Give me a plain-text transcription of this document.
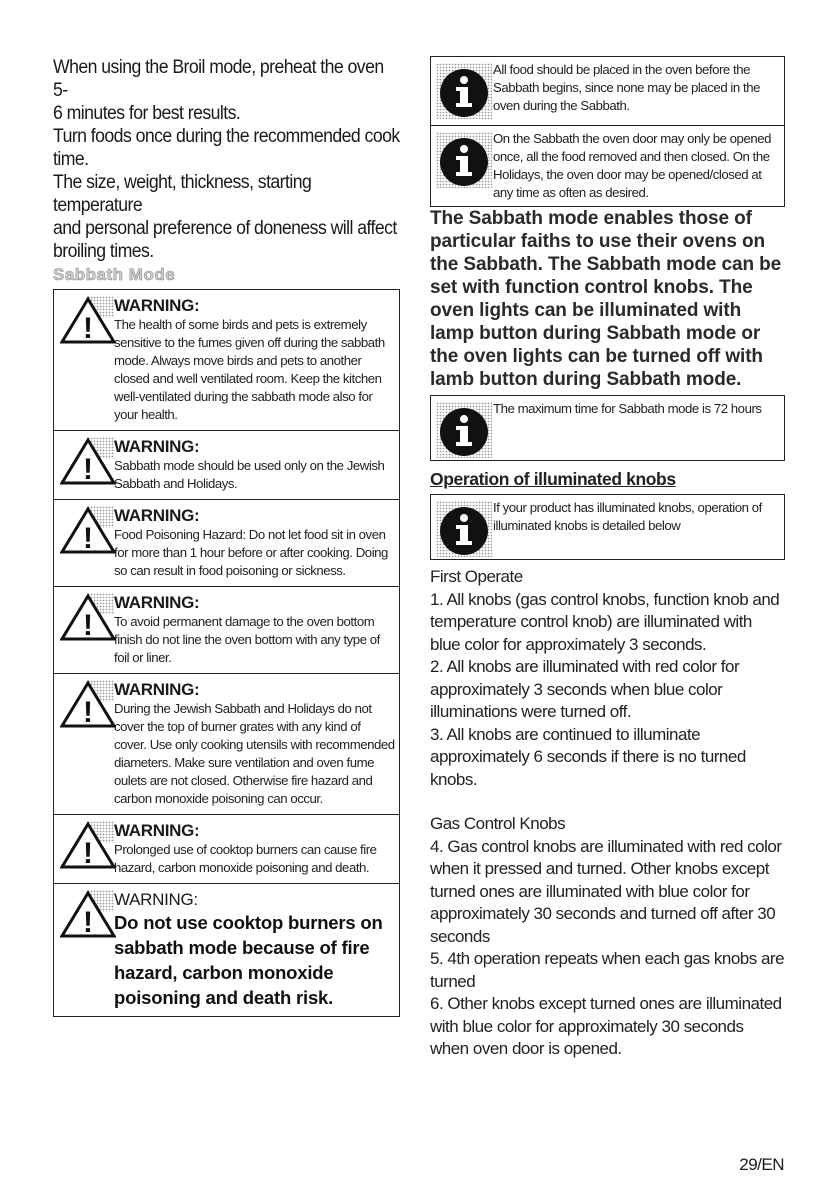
When using the Broil mode, preheat the oven 5-

6 minutes for best results.

Turn foods once during the recommended cook

time.

The size, weight, thickness, starting temperature

and personal preference of doneness will affect

broiling times.

Sabbath Mode
!
WARNING:
The health of some birds and pets is extremely sensitive to the fumes given off during the sabbath mode. Always move birds and pets to another closed and well ventilated room. Keep the kitchen well-ventilated during the sabbath mode also for your health.
!
WARNING:
Sabbath mode should be used only on the Jewish Sabbath and Holidays.
!
WARNING:
Food Poisoning Hazard: Do not let food sit in oven for more than 1 hour before or after cooking. Doing so can result in food poisoning or sickness.
!
WARNING:
To avoid permanent damage to the oven bottom finish do not line the oven bottom with any type of foil or liner.
!
WARNING:
During the Jewish Sabbath and Holidays do not cover the top of burner grates with any kind of cover. Use only cooking utensils with recommended diameters. Make sure ventilation and oven fume oulets are not closed. Otherwise fire hazard and carbon monoxide poisoning can occur.
!
WARNING:
Prolonged use of cooktop burners can cause fire hazard, carbon monoxide poisoning and death.
!
WARNING:
Do not use cooktop burners on sabbath mode because of fire hazard, carbon monoxide poisoning and death risk.
All food should be placed in the oven before the Sabbath begins, since none may be placed in the oven during the Sabbath.
On the Sabbath the oven door may only be opened once, all the food removed and then closed. On the Holidays, the oven door may be opened/closed at any time as often as desired.

The Sabbath mode enables those of particular faiths to use their ovens on the Sabbath. The Sabbath mode can be set with function control knobs. The oven lights can be illuminated with lamp button during Sabbath mode or the oven lights can be turned off with lamb button during Sabbath mode.

The maximum time for Sabbath mode is 72 hours
Operation of illuminated knobs
If your product has illuminated knobs, operation of illuminated knobs is detailed below

First Operate

1. All knobs (gas control knobs, function knob and temperature control knob) are illuminated with blue color for approximately 3 seconds.

2. All knobs are illuminated with red color for approximately 3 seconds when blue color illuminations were turned off.

3. All knobs are continued to illuminate approximately 6 seconds if there is no turned knobs.

Gas Control Knobs

4. Gas control knobs are illuminated with red color when it pressed and turned. Other knobs except turned ones are illuminated with blue color for approximately 30 seconds and turned off after 30 seconds

5. 4th operation repeats when each gas knobs are turned

6. Other knobs except turned ones are illuminated with blue color for approximately 30 seconds when oven door is opened.

29/EN
